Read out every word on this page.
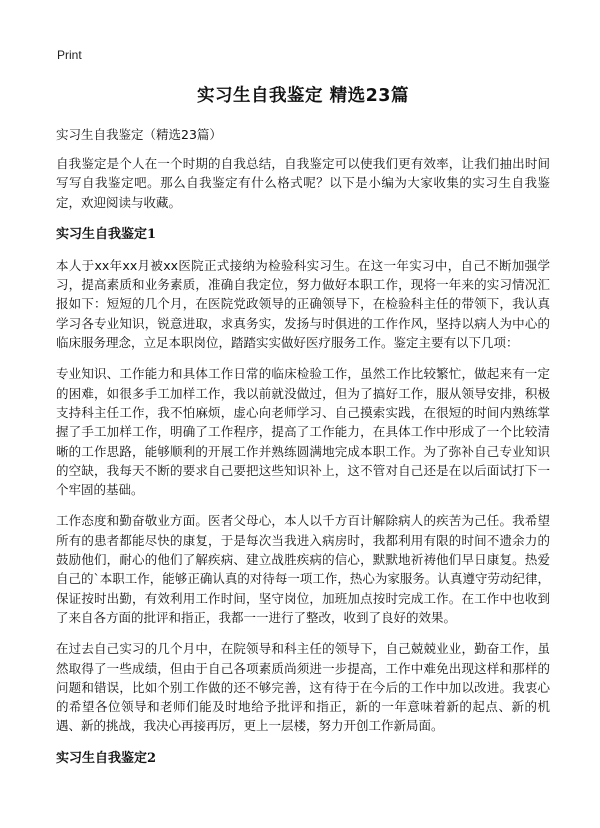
Print
实习生自我鉴定 精选23篇
实习生自我鉴定（精选23篇）

自我鉴定是个人在一个时期的自我总结，自我鉴定可以使我们更有效率，让我们抽出时间写写自我鉴定吧。那么自我鉴定有什么格式呢？以下是小编为大家收集的实习生自我鉴定，欢迎阅读与收藏。

实习生自我鉴定1

本人于xx年xx月被xx医院正式接纳为检验科实习生。在这一年实习中，自己不断加强学习，提高素质和业务素质，准确自我定位，努力做好本职工作，现将一年来的实习情况汇报如下：短短的几个月，在医院党政领导的正确领导下，在检验科主任的带领下，我认真学习各专业知识，锐意进取，求真务实，发扬与时俱进的工作作风，坚持以病人为中心的临床服务理念，立足本职岗位，踏踏实实做好医疗服务工作。鉴定主要有以下几项：

专业知识、工作能力和具体工作日常的临床检验工作，虽然工作比较繁忙，做起来有一定的困难，如很多手工加样工作，我以前就没做过，但为了搞好工作，服从领导安排，积极支持科主任工作，我不怕麻烦，虚心向老师学习、自己摸索实践，在很短的时间内熟练掌握了手工加样工作，明确了工作程序，提高了工作能力，在具体工作中形成了一个比较清晰的工作思路，能够顺利的开展工作并熟练圆满地完成本职工作。为了弥补自己专业知识的空缺，我每天不断的要求自己要把这些知识补上，这不管对自己还是在以后面试打下一个牢固的基础。

工作态度和勤奋敬业方面。医者父母心，本人以千方百计解除病人的疾苦为己任。我希望所有的患者都能尽快的康复，于是每次当我进入病房时，我都利用有限的时间不遗余力的鼓励他们，耐心的他们了解疾病、建立战胜疾病的信心，默默地祈祷他们早日康复。热爱自己的`本职工作，能够正确认真的对待每一项工作，热心为家服务。认真遵守劳动纪律，保证按时出勤，有效利用工作时间，坚守岗位，加班加点按时完成工作。在工作中也收到了来自各方面的批评和指正，我都一一进行了整改，收到了良好的效果。

在过去自己实习的几个月中，在院领导和科主任的领导下，自己兢兢业业，勤奋工作，虽然取得了一些成绩，但由于自己各项素质尚须进一步提高，工作中难免出现这样和那样的问题和错误，比如个别工作做的还不够完善，这有待于在今后的工作中加以改进。我衷心的希望各位领导和老师们能及时地给予批评和指正，新的一年意味着新的起点、新的机遇、新的挑战，我决心再接再厉，更上一层楼，努力开创工作新局面。

实习生自我鉴定2
